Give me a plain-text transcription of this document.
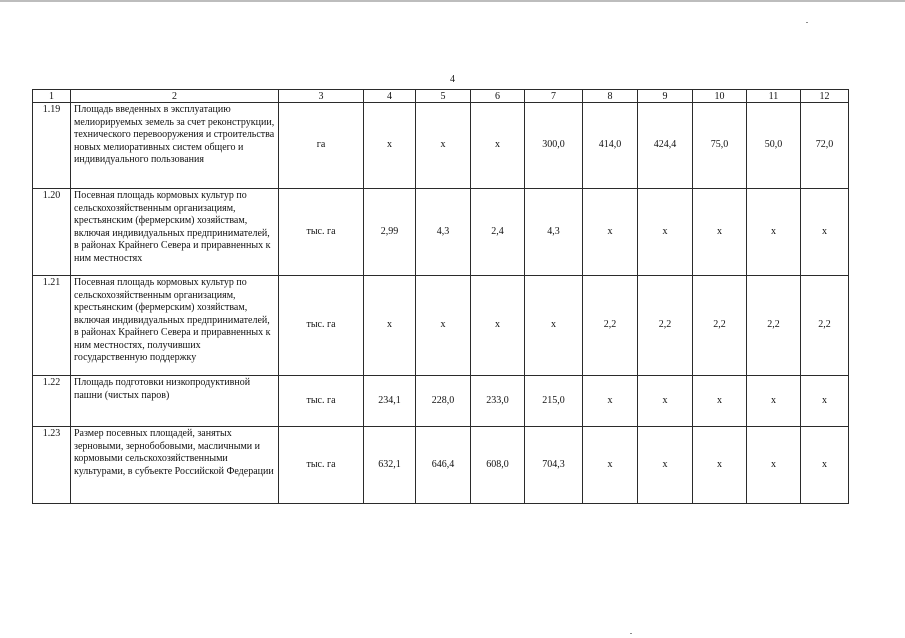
4
1	2	3	4	5	6	7	8	9	10	11	12
1.19	Площадь введенных в эксплуатацию мелиорируемых земель за счет реконструкции, технического перевооружения и строительства новых мелиоративных систем общего и индивидуального пользования	га	x	x	x	300,0	414,0	424,4	75,0	50,0	72,0
1.20	Посевная площадь кормовых культур по сельскохозяйственным организациям, крестьянским (фермерским) хозяйствам, включая индивидуальных предпринимателей, в районах Крайнего Севера и приравненных к ним местностях	тыс. га	2,99	4,3	2,4	4,3	x	x	x	x	x
1.21	Посевная площадь кормовых культур по сельскохозяйственным организациям, крестьянским (фермерским) хозяйствам, включая индивидуальных предпринимателей, в районах Крайнего Севера и приравненных к ним местностях, получивших государственную поддержку	тыс. га	x	x	x	x	2,2	2,2	2,2	2,2	2,2
1.22	Площадь подготовки низкопродуктивной пашни (чистых паров)	тыс. га	234,1	228,0	233,0	215,0	x	x	x	x	x
1.23	Размер посевных площадей, занятых зерновыми, зернобобовыми, масличными и кормовыми сельскохозяйственными культурами, в субъекте Российской Федерации	тыс. га	632,1	646,4	608,0	704,3	x	x	x	x	x
